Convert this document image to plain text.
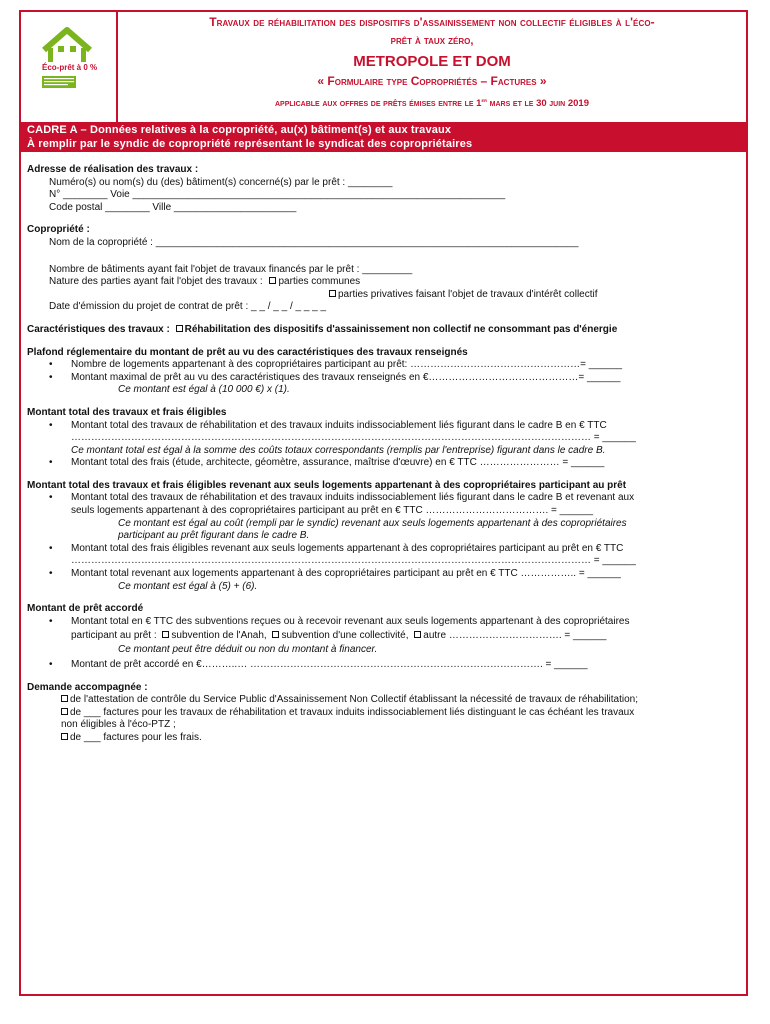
Éco-prêt à 0 %
Travaux de réhabilitation des dispositifs d'assainissement non collectif éligibles à l'éco-
prêt à taux zéro,
METROPOLE ET DOM
« Formulaire type Copropriétés – Factures »
applicable aux offres de prêts émises entre le 1er mars et le 30 juin 2019
CADRE A – Données relatives à la copropriété, au(x) bâtiment(s) et aux travaux
À remplir par le syndic de copropriété représentant le syndicat des copropriétaires
Adresse de réalisation des travaux :
Numéro(s) ou nom(s) du (des) bâtiment(s) concerné(s) par le prêt : ________
N° ________ Voie ___________________________________________________________________
Code postal ________ Ville ______________________
Copropriété :
Nom de la copropriété : ____________________________________________________________________________
Nombre de bâtiments ayant fait l'objet de travaux financés par le prêt : _________
Nature des parties ayant fait l'objet des travaux : parties communes
parties privatives faisant l'objet de travaux d'intérêt collectif
Date d'émission du projet de contrat de prêt : _ _ / _ _ / _ _ _ _
Caractéristiques des travaux : Réhabilitation des dispositifs d'assainissement non collectif ne consommant pas d'énergie
Plafond réglementaire du montant de prêt au vu des caractéristiques des travaux renseignés
• Nombre de logements appartenant à des copropriétaires participant au prêt: ……………………………………………= ______
• Montant maximal de prêt au vu des caractéristiques des travaux renseignés en €………………………………………= ______
Ce montant est égal à (10 000 €) x (1).
Montant total des travaux et frais éligibles
• Montant total des travaux de réhabilitation et des travaux induits indissociablement liés figurant dans le cadre B en € TTC
………………………………………………………………………………………………………………………………………… = ______
Ce montant total est égal à la somme des coûts totaux correspondants (remplis par l'entreprise) figurant dans le cadre B.
• Montant total des frais (étude, architecte, géomètre, assurance, maîtrise d'œuvre) en € TTC …………………… = ______
Montant total des travaux et frais éligibles revenant aux seuls logements appartenant à des copropriétaires participant au prêt
• Montant total des travaux de réhabilitation et des travaux induits indissociablement liés figurant dans le cadre B et revenant aux
seuls logements appartenant à des copropriétaires participant au prêt en € TTC ………………………………. = ______
Ce montant est égal au coût (rempli par le syndic) revenant aux seuls logements appartenant à des copropriétaires
participant au prêt figurant dans le cadre B.
• Montant total des frais éligibles revenant aux seuls logements appartenant à des copropriétaires participant au prêt en € TTC
………………………………………………………………………………………………………………………………………… = ______
• Montant total revenant aux logements appartenant à des copropriétaires participant au prêt en € TTC …………….. = ______
Ce montant est égal à (5) + (6).
Montant de prêt accordé
• Montant total en € TTC des subventions reçues ou à recevoir revenant aux seuls logements appartenant à des copropriétaires
participant au prêt : subvention de l'Anah, subvention d'une collectivité, autre ……………………………. = ______
Ce montant peut être déduit ou non du montant à financer.
• Montant de prêt accordé en €………..… ……………………………………………………………………………. = ______
Demande accompagnée :
de l'attestation de contrôle du Service Public d'Assainissement Non Collectif établissant la nécessité de travaux de réhabilitation;
de ___ factures pour les travaux de réhabilitation et travaux induits indissociablement liés distinguant le cas échéant les travaux
non éligibles à l'éco-PTZ ;
de ___ factures pour les frais.
